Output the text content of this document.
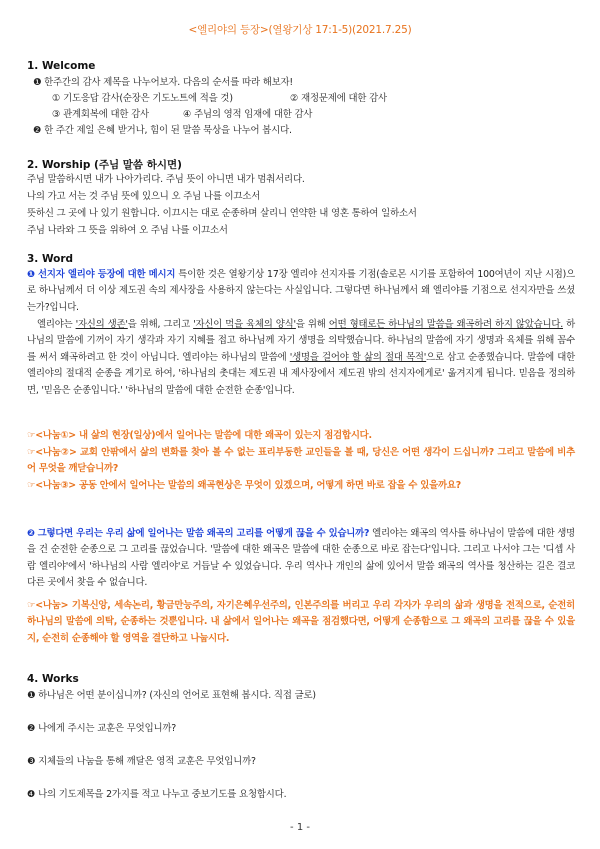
<엘리야의 등장>(열왕기상 17:1-5)(2021.7.25)
1. Welcome
❶ 한주간의 감사 제목을 나누어보자. 다음의 순서를 따라 해보자!
① 기도응답 감사(순장은 기도노트에 적을 것)	② 재정문제에 대한 감사
③ 관계회복에 대한 감사	④ 주님의 영적 임재에 대한 감사
❷ 한 주간 제일 은혜 받거나, 힘이 된 말씀 묵상을 나누어 봅시다.
2. Worship (주님 말씀 하시면)
주님 말씀하시면 내가 나아가리다. 주님 뜻이 아니면 내가 멈춰서리다.
나의 가고 서는 것 주님 뜻에 있으니 오 주님 나를 이끄소서
뜻하신 그 곳에 나 있기 원합니다. 이끄시는 대로 순종하며 살리니 연약한 내 영혼 통하여 일하소서
주님 나라와 그 뜻을 위하여 오 주님 나를 이끄소서
3. Word
❶ 선지자 엘리야 등장에 대한 메시지 특이한 것은 열왕기상 17장 엘리야 선지자를 기점(솔로몬 시기를 포함하여 100여년이 지난 시점)으로 하나님께서 더 이상 제도권 속의 제사장을 사용하지 않는다는 사실입니다. 그렇다면 하나님께서 왜 엘리야를 기점으로 선지자만을 쓰셨는가?입니다.
엘리야는 '자신의 생존'을 위해, 그리고 '자신이 먹을 육체의 양식'을 위해 어떤 형태로든 하나님의 말씀을 왜곡하려 하지 않았습니다. 하나님의 말씀에 기꺼이 자기 생각과 자기 지혜를 접고 하나님께 자기 생명을 의탁했습니다. 하나님의 말씀에 자기 생명과 육체를 위해 꼼수를 써서 왜곡하려고 한 것이 아닙니다. 엘리야는 하나님의 말씀에 '생명을 걸어야 할 삶의 절대 목적'으로 삼고 순종했습니다. 말씀에 대한 엘리야의 절대적 순종을 계기로 하여, '하나님의 촛대는 제도권 내 제사장에서 제도권 밖의 선지자에게로' 옮겨지게 됩니다. 믿음을 정의하면, '믿음은 순종입니다.' '하나님의 말씀에 대한 순전한 순종'입니다.
☞<나눔①> 내 삶의 현장(일상)에서 일어나는 말씀에 대한 왜곡이 있는지 점검합시다.
☞<나눔②> 교회 안팎에서 삶의 변화를 찾아 볼 수 없는 표리부동한 교인들을 볼 때, 당신은 어떤 생각이 드십니까? 그리고 말씀에 비추어 무엇을 깨닫습니까?
☞<나눔③> 공동 안에서 일어나는 말씀의 왜곡현상은 무엇이 있겠으며, 어떻게 하면 바로 잡을 수 있을까요?
❷ 그렇다면 우리는 우리 삶에 일어나는 말씀 왜곡의 고리를 어떻게 끊을 수 있습니까? 엘리야는 왜곡의 역사를 하나님이 말씀에 대한 생명을 건 순전한 순종으로 그 고리를 끊었습니다. '말씀에 대한 왜곡은 말씀에 대한 순종으로 바로 잡는다'입니다. 그리고 나서야 그는 '디셉 사람 엘리야'에서 '하나님의 사람 엘리야'로 거듭날 수 있었습니다. 우리 역사나 개인의 삶에 있어서 말씀 왜곡의 역사를 청산하는 길은 결코 다른 곳에서 찾을 수 없습니다.
☞<나눔> 기복신앙, 세속논리, 황금만능주의, 자기은혜우선주의, 인본주의를 버리고 우리 각자가 우리의 삶과 생명을 전적으로, 순전히 하나님의 말씀에 의탁, 순종하는 것뿐입니다. 내 삶에서 일어나는 왜곡을 점검했다면, 어떻게 순종함으로 그 왜곡의 고리를 끊을 수 있을지, 순전히 순종해야 할 영역을 결단하고 나눕시다.
4. Works
❶ 하나님은 어떤 분이십니까? (자신의 언어로 표현해 봅시다. 직접 글로)
❷ 나에게 주시는 교훈은 무엇입니까?
❸ 지체들의 나눔을 통해 깨달은 영적 교훈은 무엇입니까?
❹ 나의 기도제목을 2가지를 적고 나누고 중보기도를 요청합시다.
- 1 -
